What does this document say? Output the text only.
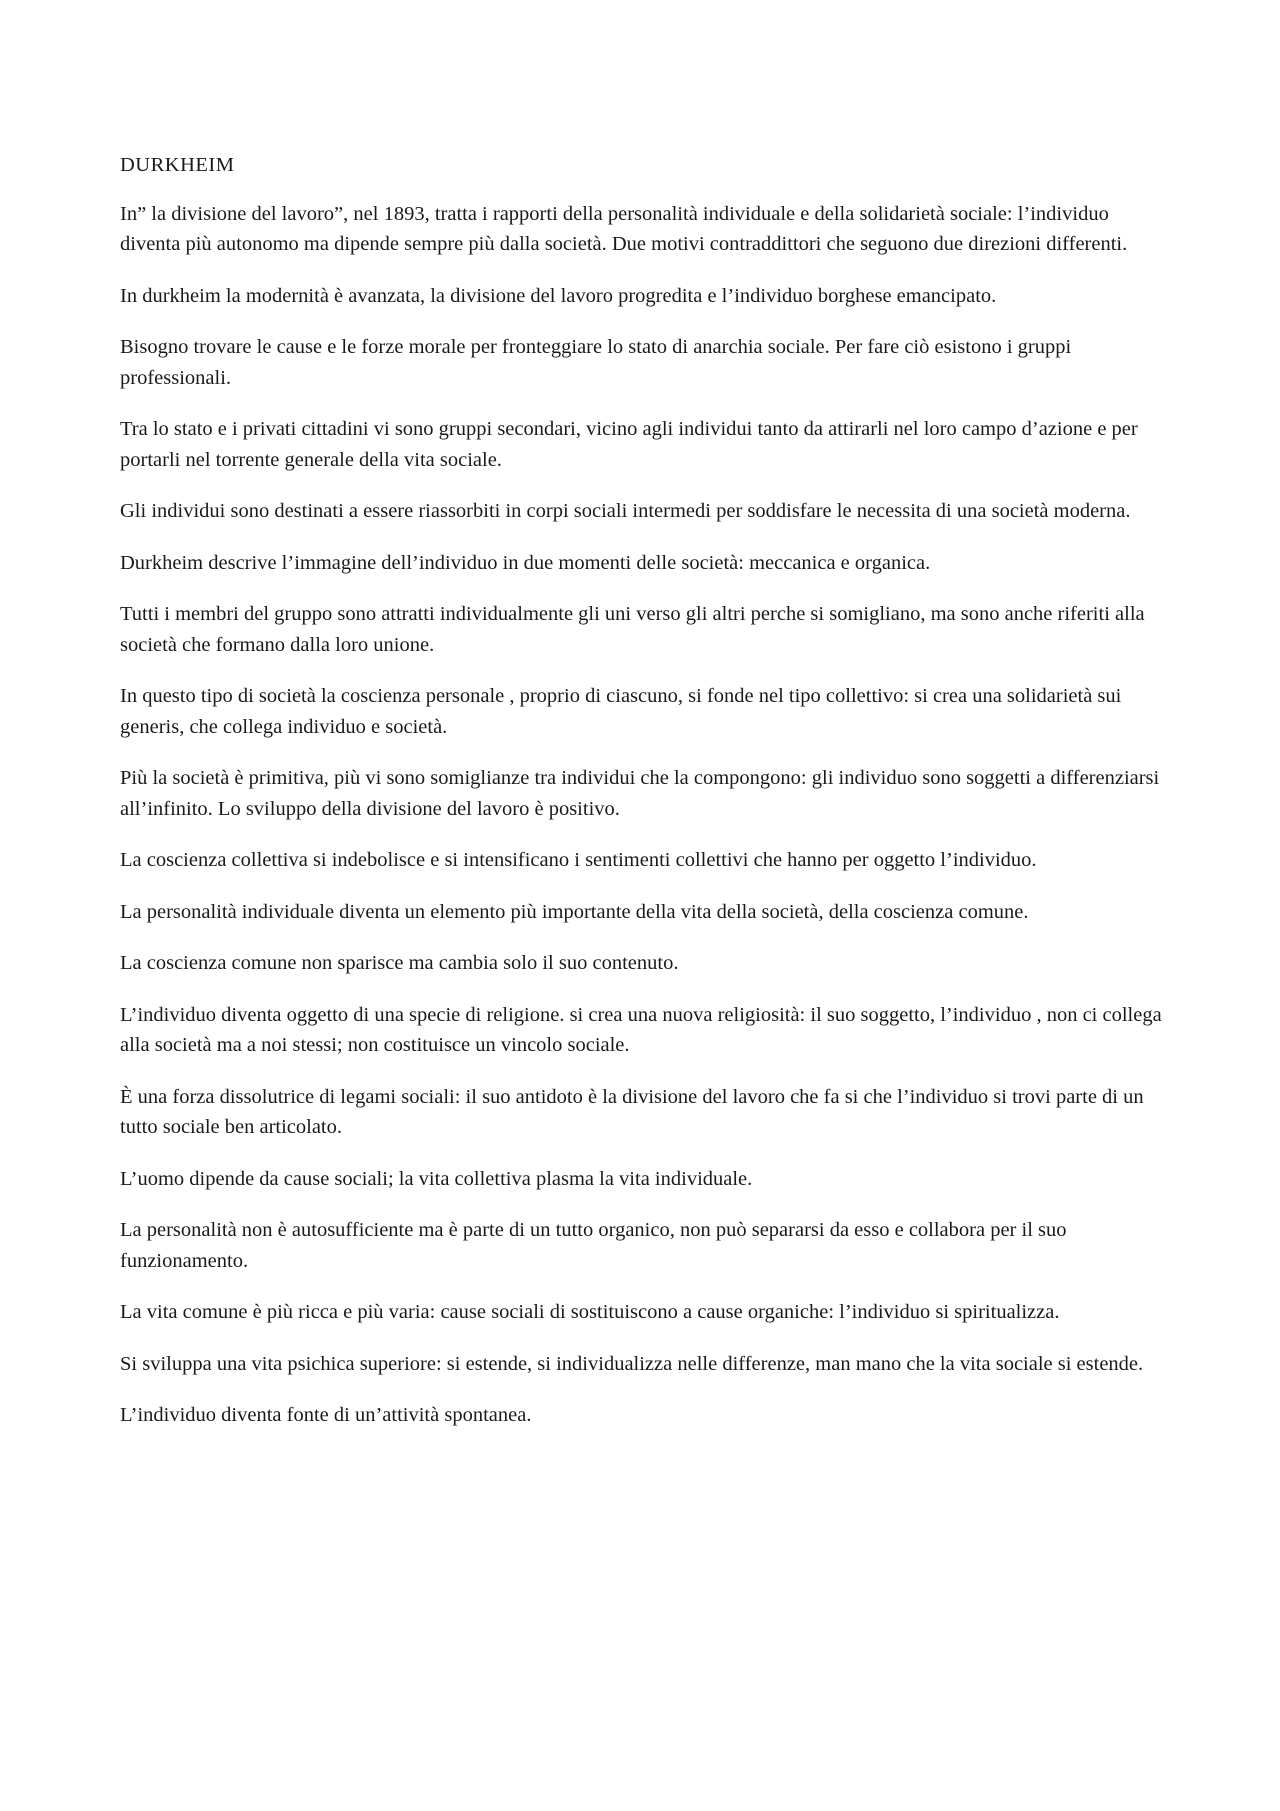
DURKHEIM

In” la divisione del lavoro”, nel 1893, tratta i rapporti della personalità individuale e della solidarietà sociale: l’individuo diventa più autonomo ma dipende sempre più dalla società. Due motivi contraddittori che seguono due direzioni differenti.

In durkheim la modernità è avanzata, la divisione del lavoro progredita e l’individuo borghese emancipato.

Bisogno trovare le cause e le forze morale per fronteggiare lo stato di anarchia sociale. Per fare ciò esistono i gruppi professionali.

Tra lo stato e i privati cittadini vi sono gruppi secondari, vicino agli individui tanto da attirarli nel loro campo d’azione e per portarli nel torrente generale della vita sociale.

Gli individui sono destinati a essere riassorbiti in corpi sociali intermedi per soddisfare le necessita di una società moderna.

Durkheim descrive l’immagine dell’individuo in due momenti delle società: meccanica e organica.

Tutti i membri del gruppo sono attratti individualmente gli uni verso gli altri perche si somigliano, ma sono anche riferiti alla società che formano dalla loro unione.

In questo tipo di società la coscienza personale , proprio di ciascuno, si fonde nel tipo collettivo: si crea una solidarietà sui generis, che collega individuo e società.

Più la società è primitiva, più vi sono somiglianze tra individui che la compongono: gli individuo sono soggetti a differenziarsi all’infinito. Lo sviluppo della divisione del lavoro è positivo.

La coscienza collettiva si indebolisce e si intensificano i sentimenti collettivi che hanno per oggetto l’individuo.

La personalità individuale diventa un elemento più importante della vita della società, della coscienza comune.

La coscienza comune non sparisce ma cambia solo il suo contenuto.

L’individuo diventa oggetto di una specie di religione. si crea una nuova religiosità: il suo soggetto, l’individuo , non ci collega alla società ma a noi stessi; non costituisce un vincolo sociale.

È una forza dissolutrice di legami sociali: il suo antidoto è la divisione del lavoro che fa si che l’individuo si trovi parte di un tutto sociale ben articolato.

L’uomo dipende da cause sociali; la vita collettiva plasma la vita individuale.

La personalità non è autosufficiente ma è parte di un tutto organico, non può separarsi da esso e collabora per il suo funzionamento.

La vita comune è più ricca e più varia: cause sociali di sostituiscono a cause organiche: l’individuo si spiritualizza.

Si sviluppa una vita psichica superiore: si estende, si individualizza nelle differenze, man mano che la vita sociale si estende.

L’individuo diventa fonte di un’attività spontanea.
